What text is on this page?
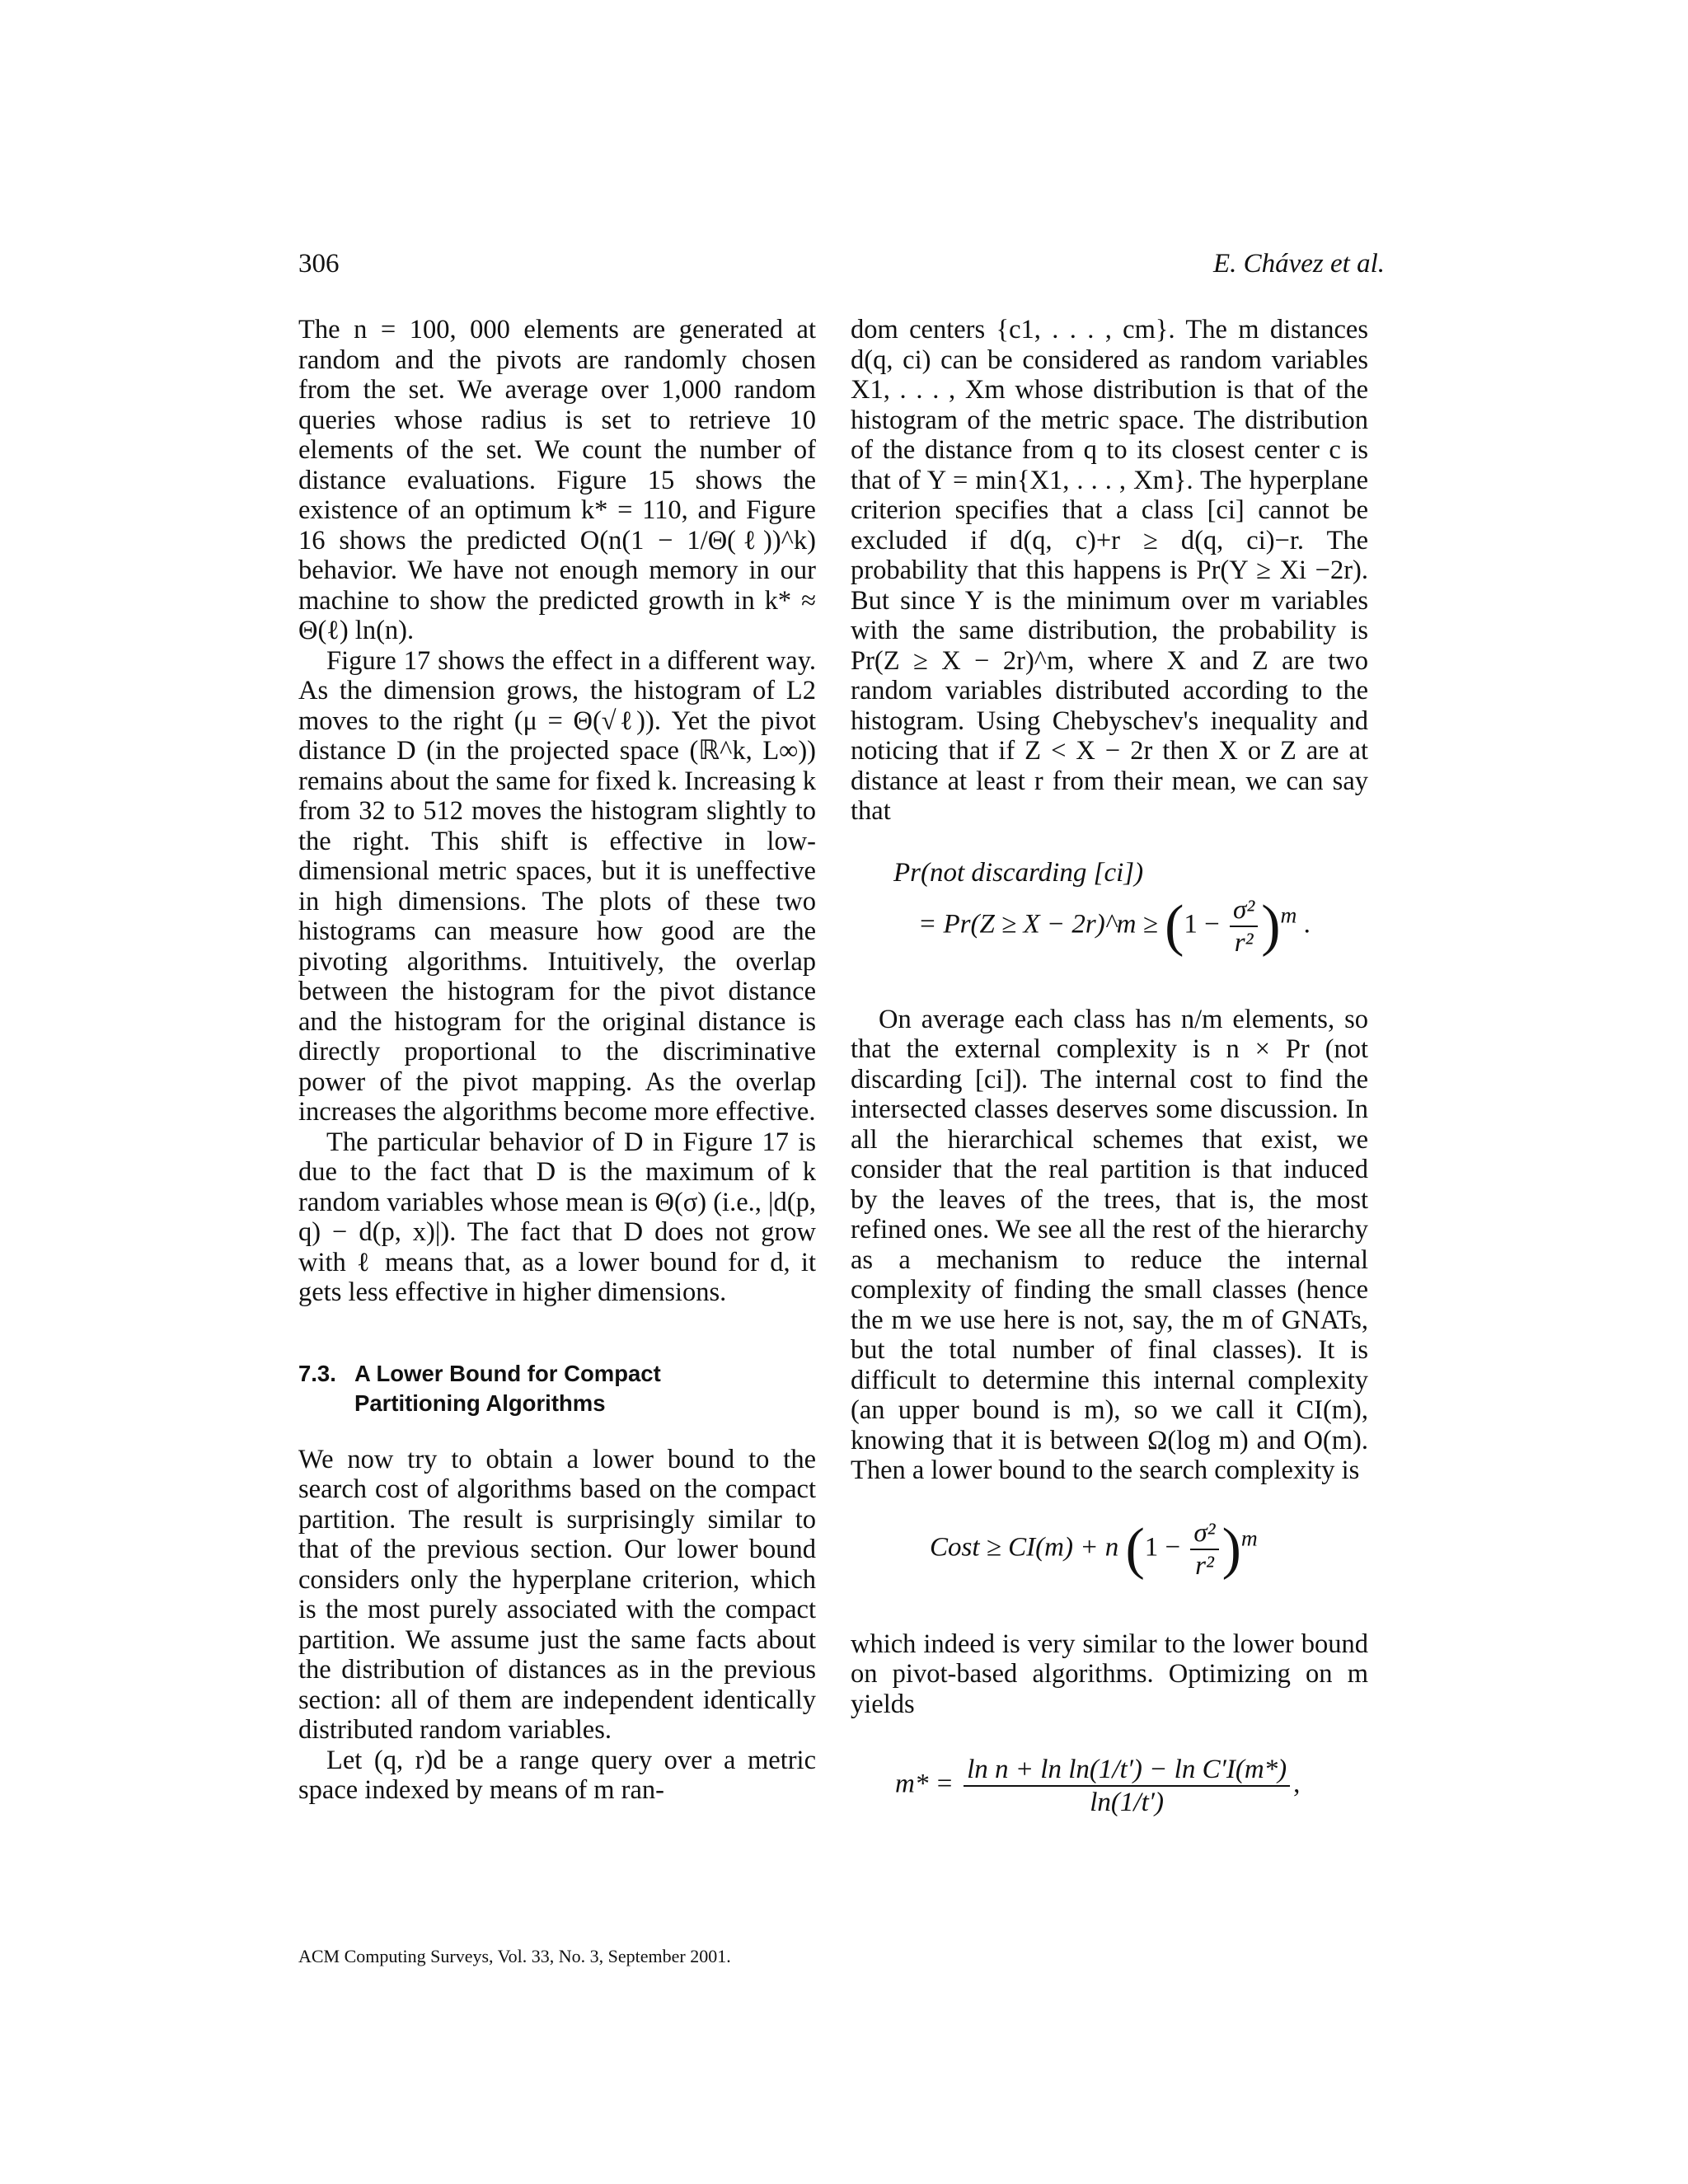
306	E. Chávez et al.

The n = 100, 000 elements are generated at random and the pivots are randomly chosen from the set. We average over 1,000 random queries whose radius is set to retrieve 10 elements of the set. We count the number of distance evaluations. Figure 15 shows the existence of an optimum k* = 110, and Figure 16 shows the predicted O(n(1 − 1/Θ(ℓ))^k) behavior. We have not enough memory in our machine to show the predicted growth in k* ≈ Θ(ℓ) ln(n).

Figure 17 shows the effect in a different way. As the dimension grows, the histogram of L2 moves to the right (μ = Θ(√ℓ)). Yet the pivot distance D (in the projected space (ℝ^k, L∞)) remains about the same for fixed k. Increasing k from 32 to 512 moves the histogram slightly to the right. This shift is effective in low-dimensional metric spaces, but it is uneffective in high dimensions. The plots of these two histograms can measure how good are the pivoting algorithms. Intuitively, the overlap between the histogram for the pivot distance and the histogram for the original distance is directly proportional to the discriminative power of the pivot mapping. As the overlap increases the algorithms become more effective.

The particular behavior of D in Figure 17 is due to the fact that D is the maximum of k random variables whose mean is Θ(σ) (i.e., |d(p, q) − d(p, x)|). The fact that D does not grow with ℓ means that, as a lower bound for d, it gets less effective in higher dimensions.

7.3. A Lower Bound for Compact
Partitioning Algorithms

We now try to obtain a lower bound to the search cost of algorithms based on the compact partition. The result is surprisingly similar to that of the previous section. Our lower bound considers only the hyperplane criterion, which is the most purely associated with the compact partition. We assume just the same facts about the distribution of distances as in the previous section: all of them are independent identically distributed random variables.

Let (q, r)d be a range query over a metric space indexed by means of m ran-

dom centers {c1, . . . , cm}. The m distances d(q, ci) can be considered as random variables X1, . . . , Xm whose distribution is that of the histogram of the metric space. The distribution of the distance from q to its closest center c is that of Y = min{X1, . . . , Xm}. The hyperplane criterion specifies that a class [ci] cannot be excluded if d(q, c)+r ≥ d(q, ci)−r. The probability that this happens is Pr(Y ≥ Xi −2r). But since Y is the minimum over m variables with the same distribution, the probability is Pr(Z ≥ X − 2r)^m, where X and Z are two random variables distributed according to the histogram. Using Chebyschev's inequality and noticing that if Z < X − 2r then X or Z are at distance at least r from their mean, we can say that

Pr(not discarding [ci])
= Pr(Z ≥ X − 2r)^m ≥ $(1 - \frac{\text{σ²}}{\text{r²}} )^m$ .

On average each class has n/m elements, so that the external complexity is n × Pr (not discarding [ci]). The internal cost to find the intersected classes deserves some discussion. In all the hierarchical schemes that exist, we consider that the real partition is that induced by the leaves of the trees, that is, the most refined ones. We see all the rest of the hierarchy as a mechanism to reduce the internal complexity of finding the small classes (hence the m we use here is not, say, the m of GNATs, but the total number of final classes). It is difficult to determine this internal complexity (an upper bound is m), so we call it CI(m), knowing that it is between Ω(log m) and O(m). Then a lower bound to the search complexity is

Cost ≥ CI(m) + n $(1 - \frac{\text{σ²}}{\text{r²}} )^m$

which indeed is very similar to the lower bound on pivot-based algorithms. Optimizing on m yields

$m* = \frac{\text{ln n + ln ln(1/t′) − ln C′I(m*)}}{\ln(1/t')}$ ,
ACM Computing Surveys, Vol. 33, No. 3, September 2001.
